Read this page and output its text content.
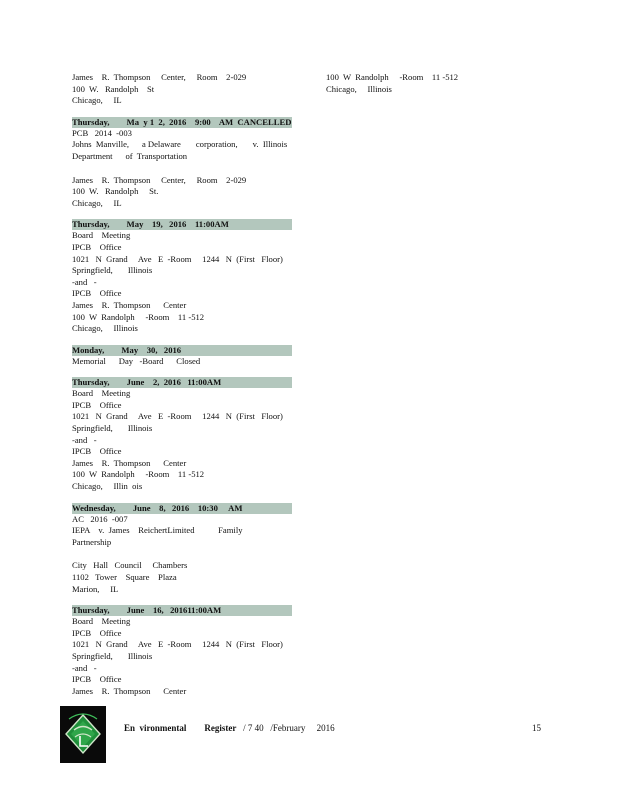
James    R.  Thompson     Center,     Room    2-029
100  W.   Randolph    St
Chicago,     IL
Thursday,        Ma  y 1  2,  2016    9:00    AM  CANCELLED
PCB   2014  -003
Johns  Manville,      a Delaware       corporation,       v.  Illinois
Department      of  Transportation
James    R.  Thompson     Center,     Room    2-029
100  W.   Randolph     St.
Chicago,     IL
Thursday,        May    19,   2016    11:00AM
Board    Meeting
IPCB    Office
1021   N  Grand     Ave   E  -Room     1244   N  (First   Floor)
Springfield,       Illinois
-and   -
IPCB    Office
James    R.  Thompson      Center
100  W  Randolph     -Room    11 -512
Chicago,     Illinois
Monday,        May    30,   2016
Memorial      Day   -Board      Closed
Thursday,        June    2,  2016   11:00AM
Board    Meeting
IPCB    Office
1021   N  Grand     Ave   E  -Room     1244   N  (First   Floor)
Springfield,       Illinois
-and   -
IPCB    Office
James    R.  Thompson      Center
100  W  Randolph     -Room    11 -512
Chicago,     Illin  ois
Wednesday,        June    8,   2016    10:30     AM
AC   2016  -007
IEPA    v.  James    ReichertLimited           Family     Partnership
City   Hall   Council     Chambers
1102   Tower    Square    Plaza
Marion,     IL
Thursday,        June    16,   201611:00AM
Board    Meeting
IPCB    Office
1021   N  Grand     Ave   E  -Room     1244   N  (First   Floor)
Springfield,       Illinois
-and   -
IPCB    Office
James    R.  Thompson      Center
100  W  Randolph     -Room    11 -512
Chicago,     Illinois
En  vironmental Register / 7 40   /February     2016	15
